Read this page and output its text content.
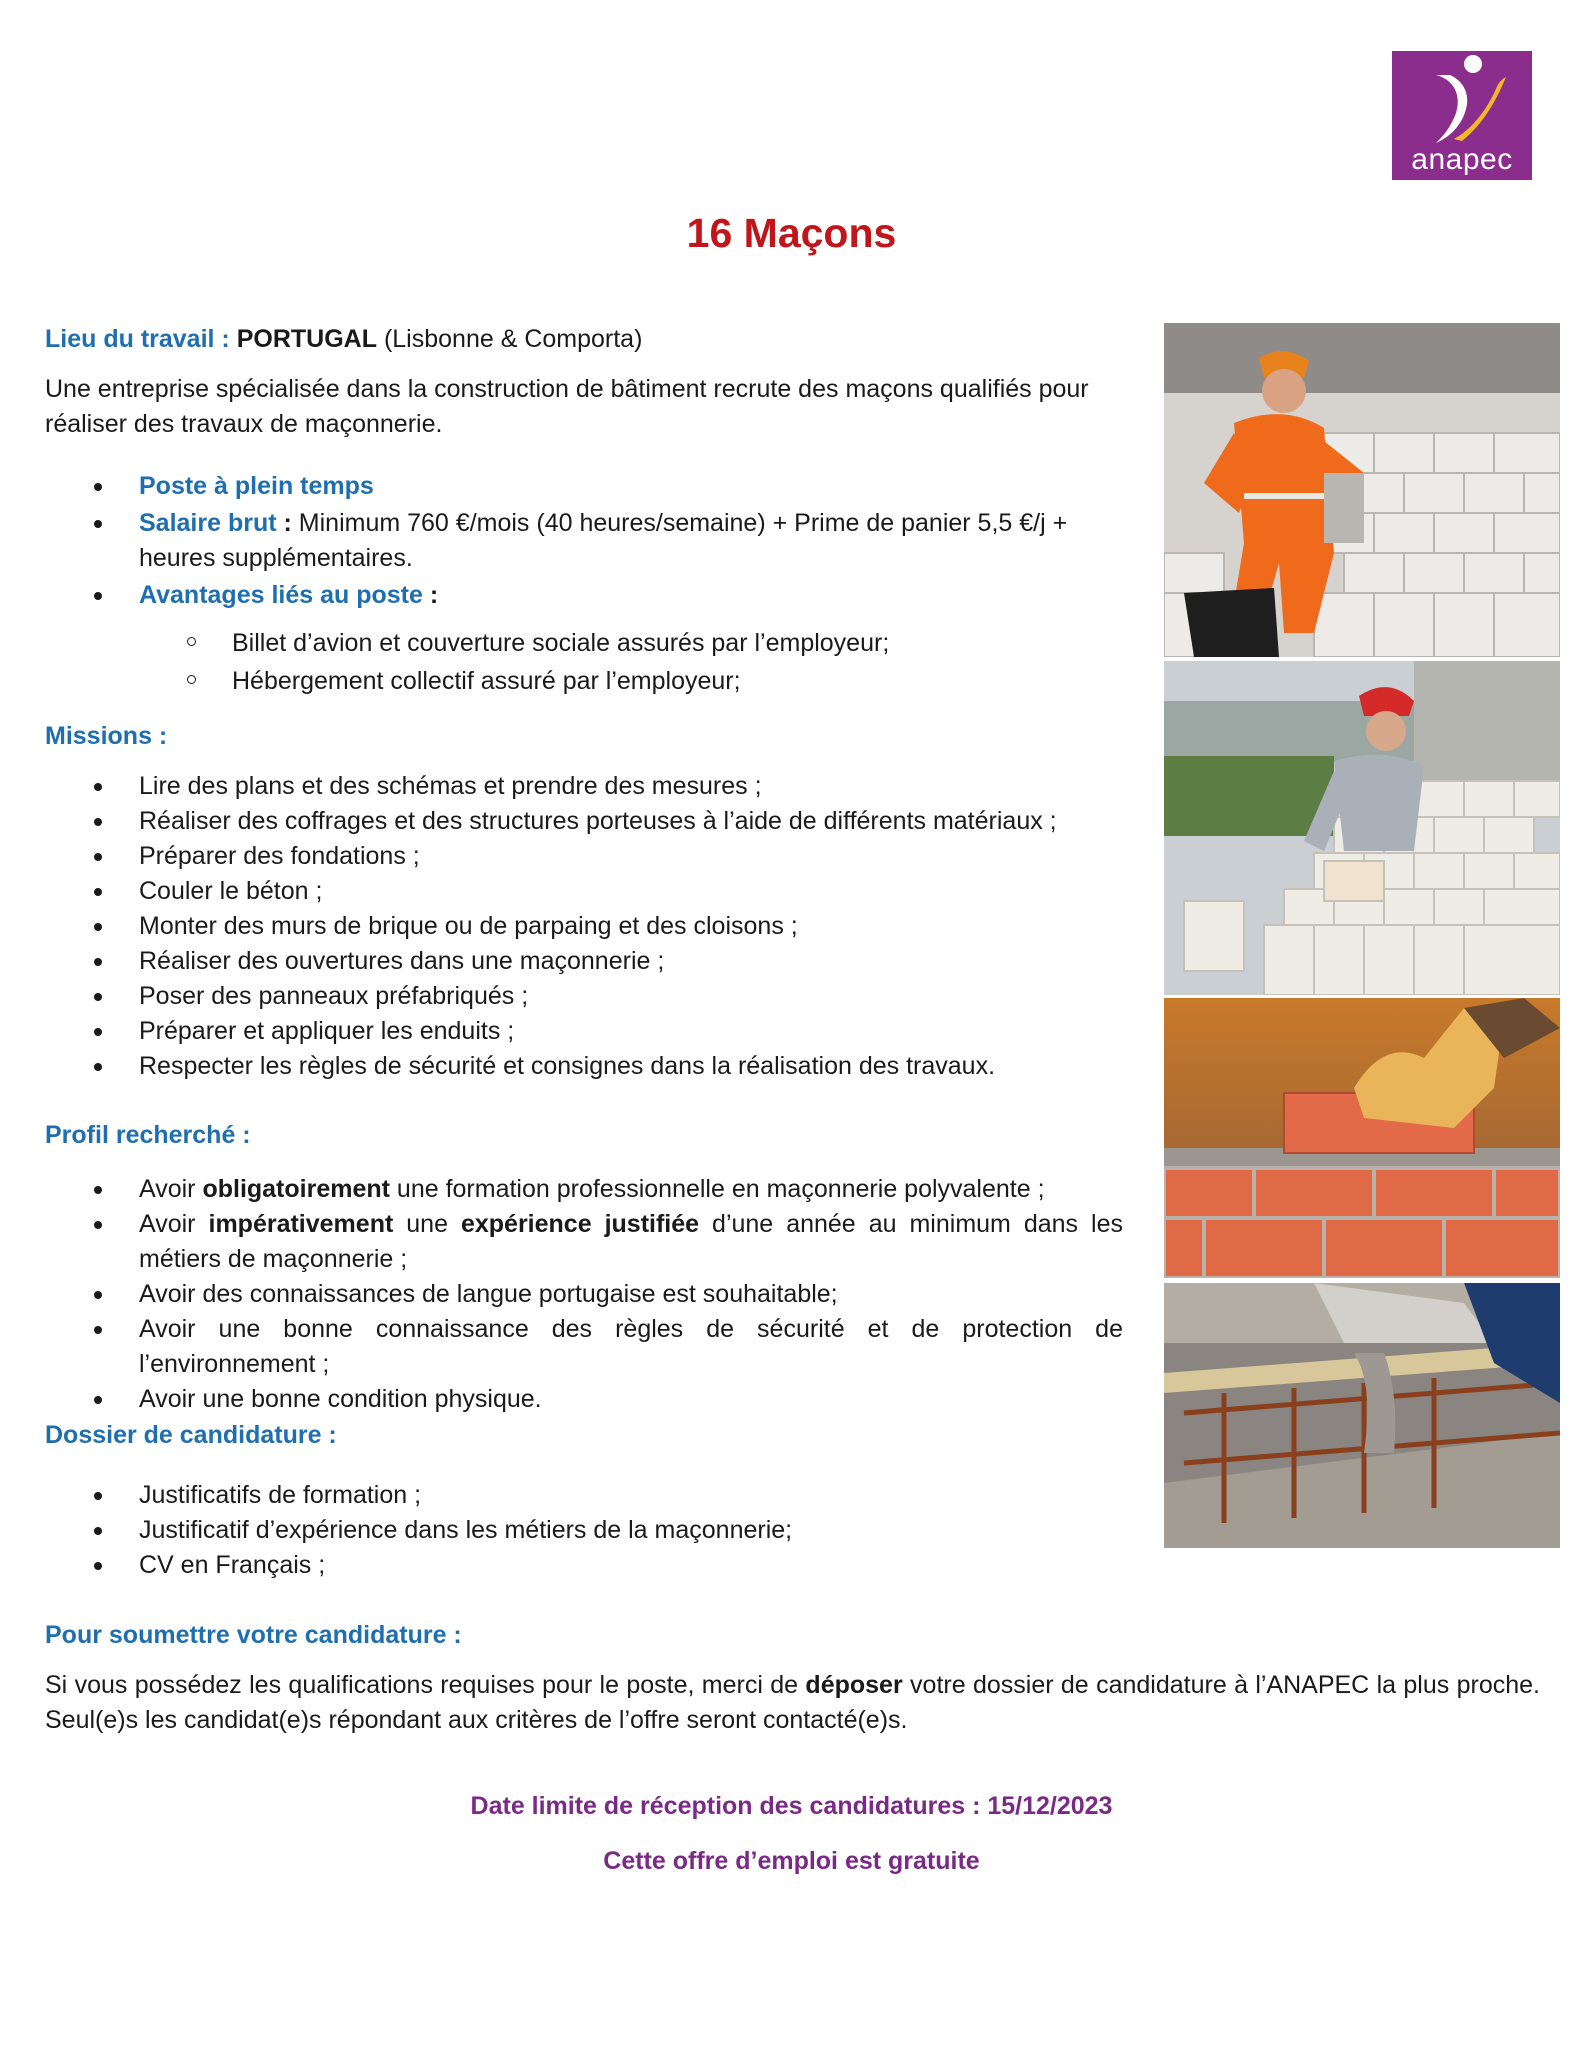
anapec
16 Maçons
Lieu du travail : PORTUGAL (Lisbonne & Comporta)
Une entreprise spécialisée dans la construction de bâtiment recrute des maçons qualifiés pour réaliser des travaux de maçonnerie.
Poste à plein temps
Salaire brut : Minimum 760 €/mois (40 heures/semaine) + Prime de panier 5,5 €/j + heures supplémentaires.
Avantages liés au poste :
Billet d’avion et couverture sociale assurés par l’employeur;
Hébergement collectif assuré par l’employeur;
Missions :
Lire des plans et des schémas et prendre des mesures ;
Réaliser des coffrages et des structures porteuses à l’aide de différents matériaux ;
Préparer des fondations ;
Couler le béton ;
Monter des murs de brique ou de parpaing et des cloisons ;
Réaliser des ouvertures dans une maçonnerie ;
Poser des panneaux préfabriqués ;
Préparer et appliquer les enduits ;
Respecter les règles de sécurité et consignes dans la réalisation des travaux.
Profil recherché :
Avoir obligatoirement une formation professionnelle en maçonnerie polyvalente ;
Avoir impérativement une expérience justifiée d’une année au minimum dans les métiers de maçonnerie ;
Avoir des connaissances de langue portugaise est souhaitable;
Avoir une bonne connaissance des règles de sécurité et de protection de l’environnement ;
Avoir une bonne condition physique.
Dossier de candidature :
Justificatifs de formation ;
Justificatif d’expérience dans les métiers de la maçonnerie;
CV en Français ;
Pour soumettre votre candidature :
Si vous possédez les qualifications requises pour le poste, merci de déposer votre dossier de candidature à l’ANAPEC la plus proche. Seul(e)s les candidat(e)s répondant aux critères de l’offre seront contacté(e)s.
Date limite de réception des candidatures : 15/12/2023
Cette offre d’emploi est gratuite
